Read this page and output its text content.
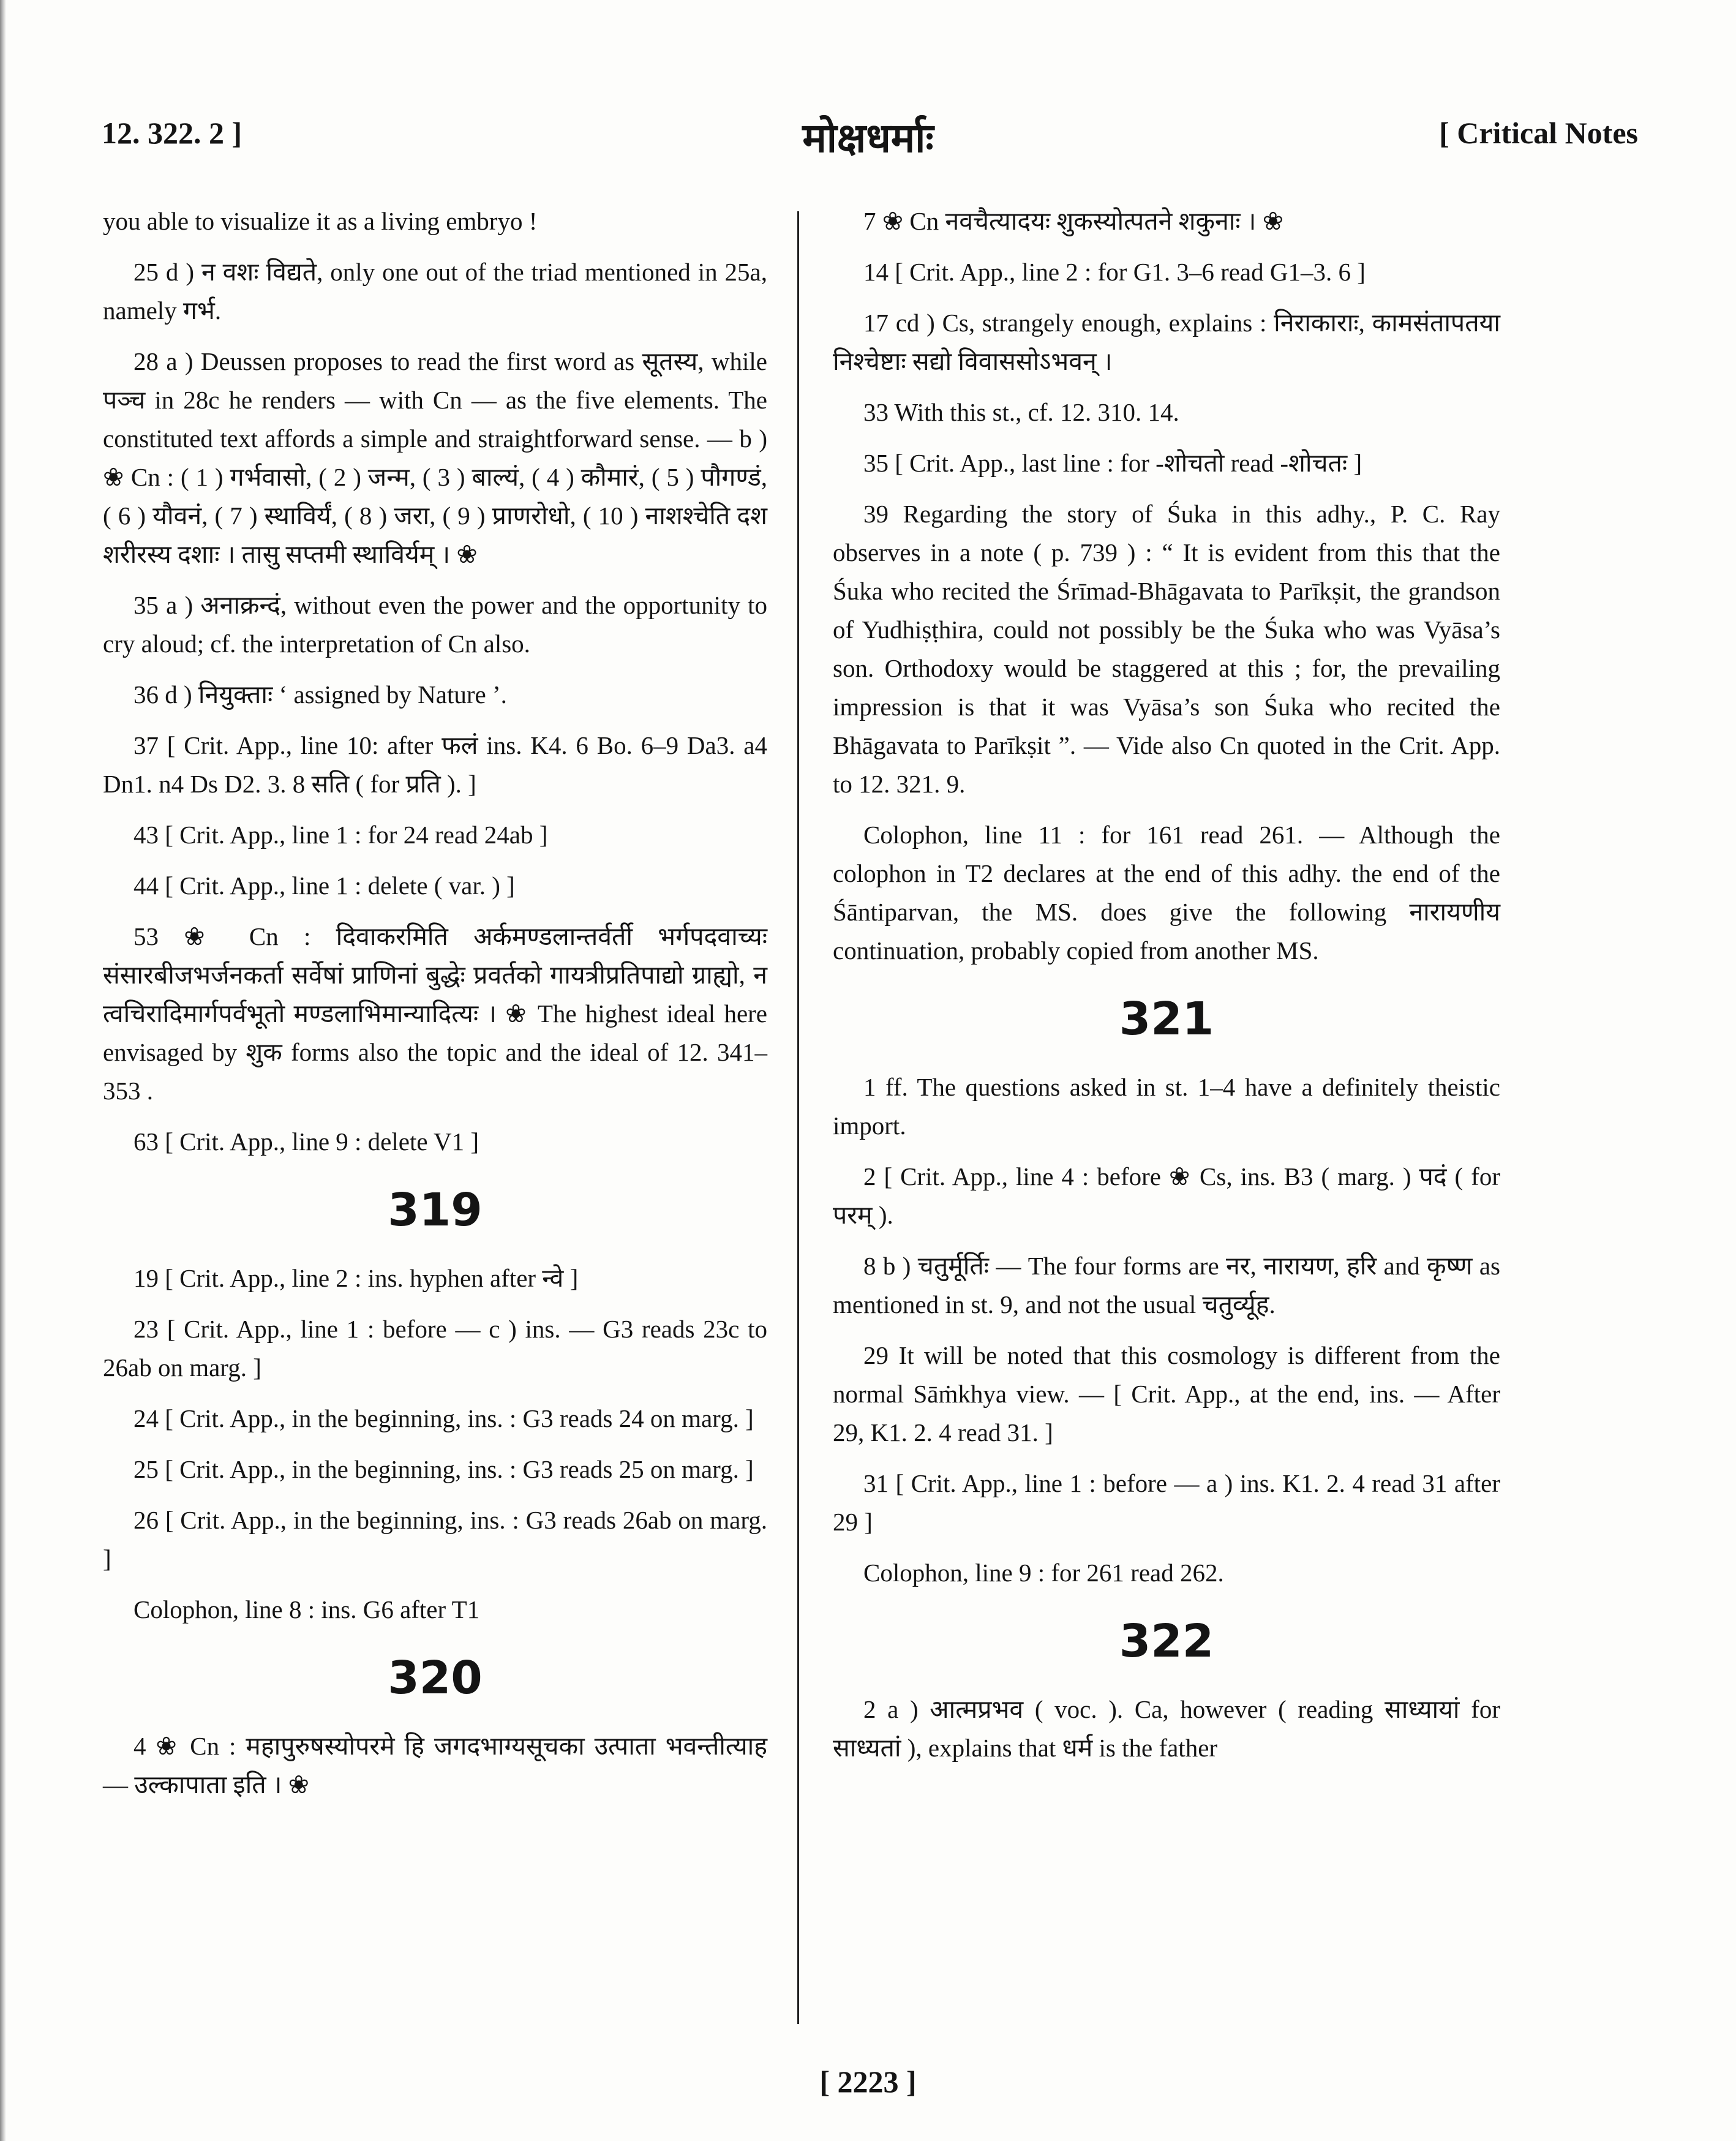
12. 322. 2 ]	मोक्षधर्माः	[ Critical Notes

you able to visualize it as a living embryo !

25 d ) न वशः विद्यते, only one out of the triad mentioned in 25a, namely गर्भ.

28 a ) Deussen proposes to read the first word as सूतस्य, while पञ्च in 28c he renders — with Cn — as the five elements. The constituted text affords a simple and straightforward sense. — b ) ❀ Cn : ( 1 ) गर्भवासो, ( 2 ) जन्म, ( 3 ) बाल्यं, ( 4 ) कौमारं, ( 5 ) पौगण्डं, ( 6 ) यौवनं, ( 7 ) स्थाविर्यं, ( 8 ) जरा, ( 9 ) प्राणरोधो, ( 10 ) नाशश्चेति दश शरीरस्य दशाः । तासु सप्तमी स्थाविर्यम् । ❀

35 a ) अनाक्रन्दं, without even the power and the opportunity to cry aloud; cf. the interpretation of Cn also.

36 d ) नियुक्ताः ‘ assigned by Nature ’.

37 [ Crit. App., line 10: after फलं ins. K4. 6 Bo. 6–9 Da3. a4 Dn1. n4 Ds D2. 3. 8 सति ( for प्रति ). ]

43 [ Crit. App., line 1 : for 24 read 24ab ]

44 [ Crit. App., line 1 : delete ( var. ) ]

53 ❀ Cn : दिवाकरमिति अर्कमण्डलान्तर्वर्ती भर्गपदवाच्यः संसारबीजभर्जनकर्ता सर्वेषां प्राणिनां बुद्धेः प्रवर्तको गायत्रीप्रतिपाद्यो ग्राह्यो, न त्वचिरादिमार्गपर्वभूतो मण्डलाभिमान्यादित्यः । ❀ The highest ideal here envisaged by शुक forms also the topic and the ideal of 12. 341–353 .

63 [ Crit. App., line 9 : delete V1 ]

319

19 [ Crit. App., line 2 : ins. hyphen after न्वे ]

23 [ Crit. App., line 1 : before — c ) ins. — G3 reads 23c to 26ab on marg. ]

24 [ Crit. App., in the beginning, ins. : G3 reads 24 on marg. ]

25 [ Crit. App., in the beginning, ins. : G3 reads 25 on marg. ]

26 [ Crit. App., in the beginning, ins. : G3 reads 26ab on marg. ]

Colophon, line 8 : ins. G6 after T1

320

4 ❀ Cn : महापुरुषस्योपरमे हि जगदभाग्यसूचका उत्पाता भवन्तीत्याह — उल्कापाता इति । ❀

7 ❀ Cn नवचैत्यादयः शुकस्योत्पतने शकुनाः । ❀

14 [ Crit. App., line 2 : for G1. 3–6 read G1–3. 6 ]

17 cd ) Cs, strangely enough, explains : निराकाराः, कामसंतापतया निश्चेष्टाः सद्यो विवाससोऽभवन् ।

33 With this st., cf. 12. 310. 14.

35 [ Crit. App., last line : for -शोचतो read -शोचतः ]

39 Regarding the story of Śuka in this adhy., P. C. Ray observes in a note ( p. 739 ) : “ It is evident from this that the Śuka who recited the Śrīmad-Bhāgavata to Parīkṣit, the grandson of Yudhiṣṭhira, could not possibly be the Śuka who was Vyāsa’s son. Orthodoxy would be staggered at this ; for, the prevailing impression is that it was Vyāsa’s son Śuka who recited the Bhāgavata to Parīkṣit ”. — Vide also Cn quoted in the Crit. App. to 12. 321. 9.

Colophon, line 11 : for 161 read 261. — Although the colophon in T2 declares at the end of this adhy. the end of the Śāntiparvan, the MS. does give the following नारायणीय continuation, probably copied from another MS.

321

1 ff. The questions asked in st. 1–4 have a definitely theistic import.

2 [ Crit. App., line 4 : before ❀ Cs, ins. B3 ( marg. ) पदं ( for परम् ).

8 b ) चतुर्मूर्तिः — The four forms are नर, नारायण, हरि and कृष्ण as mentioned in st. 9, and not the usual चतुर्व्यूह.

29 It will be noted that this cosmology is different from the normal Sāṁkhya view. — [ Crit. App., at the end, ins. — After 29, K1. 2. 4 read 31. ]

31 [ Crit. App., line 1 : before — a ) ins. K1. 2. 4 read 31 after 29 ]

Colophon, line 9 : for 261 read 262.

322

2 a ) आत्मप्रभव ( voc. ). Ca, however ( reading साध्यायां for साध्यतां ), explains that धर्म is the father

[ 2223 ]
